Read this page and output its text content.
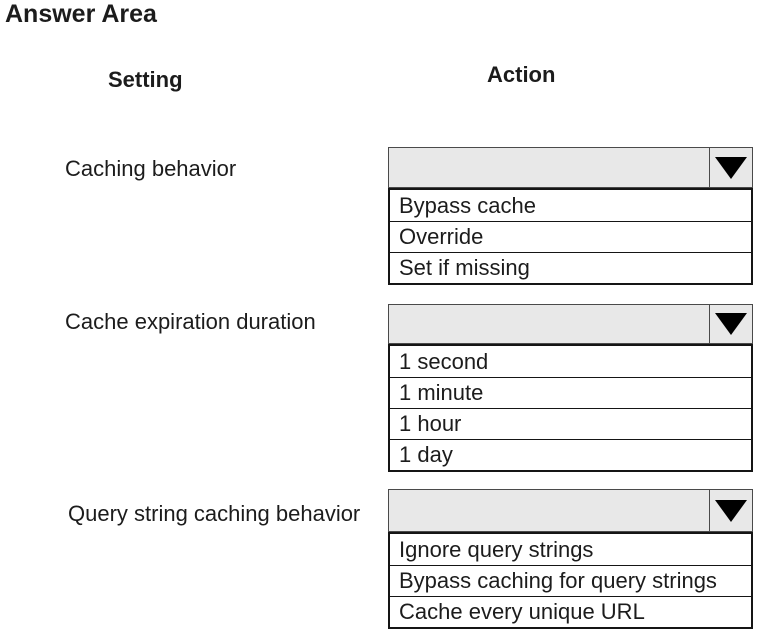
Answer Area
Setting	Action
Caching behavior
Bypass cache
Override
Set if missing
Cache expiration duration
1 second
1 minute
1 hour
1 day
Query string caching behavior
Ignore query strings
Bypass caching for query strings
Cache every unique URL
